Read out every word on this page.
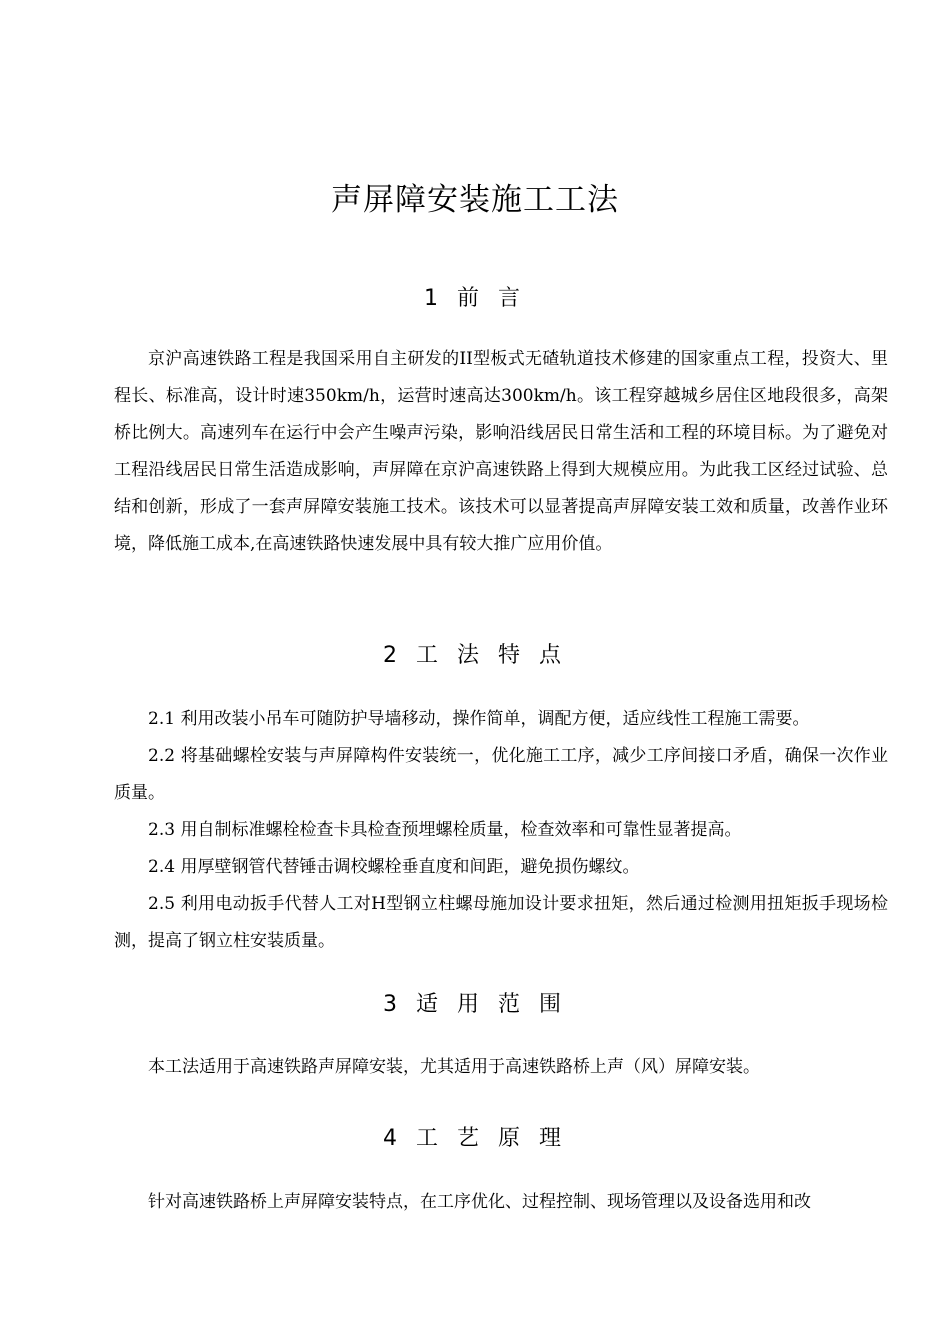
声屏障安装施工工法
1 前 言

京沪高速铁路工程是我国采用自主研发的II型板式无碴轨道技术修建的国家重点工程，投资大、里程长、标准高，设计时速350km/h，运营时速高达300km/h。该工程穿越城乡居住区地段很多，高架桥比例大。高速列车在运行中会产生噪声污染，影响沿线居民日常生活和工程的环境目标。为了避免对工程沿线居民日常生活造成影响，声屏障在京沪高速铁路上得到大规模应用。为此我工区经过试验、总结和创新，形成了一套声屏障安装施工技术。该技术可以显著提高声屏障安装工效和质量，改善作业环境，降低施工成本,在高速铁路快速发展中具有较大推广应用价值。

2 工 法 特 点

2.1 利用改装小吊车可随防护导墙移动，操作简单，调配方便，适应线性工程施工需要。

2.2 将基础螺栓安装与声屏障构件安装统一，优化施工工序，减少工序间接口矛盾，确保一次作业质量。

2.3 用自制标准螺栓检查卡具检查预埋螺栓质量，检查效率和可靠性显著提高。

2.4 用厚壁钢管代替锤击调校螺栓垂直度和间距，避免损伤螺纹。

2.5 利用电动扳手代替人工对H型钢立柱螺母施加设计要求扭矩，然后通过检测用扭矩扳手现场检测，提高了钢立柱安装质量。

3 适 用 范 围

本工法适用于高速铁路声屏障安装，尤其适用于高速铁路桥上声（风）屏障安装。

4 工 艺 原 理

针对高速铁路桥上声屏障安装特点，在工序优化、过程控制、现场管理以及设备选用和改
